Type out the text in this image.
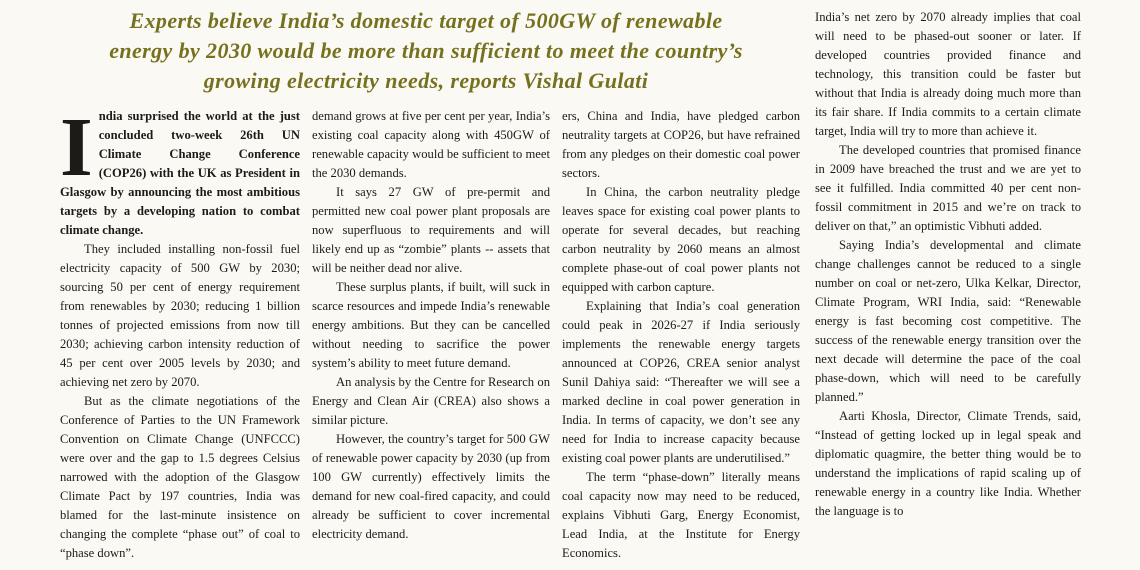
Experts believe India’s domestic target of 500GW of renewable
energy by 2030 would be more than sufficient to meet the country’s
growing electricity needs, reports Vishal Gulati
I ndia surprised the world at the just concluded two-week 26th UN Climate Change Conference (COP26) with the UK as President in Glasgow by announcing the most ambitious targets by a developing nation to combat climate change.

They included installing non-fossil fuel electricity capacity of 500 GW by 2030; sourcing 50 per cent of energy requirement from renewables by 2030; reducing 1 billion tonnes of projected emissions from now till 2030; achieving carbon intensity reduction of 45 per cent over 2005 levels by 2030; and achieving net zero by 2070.

But as the climate negotiations of the Conference of Parties to the UN Framework Convention on Climate Change (UNFCCC) were over and the gap to 1.5 degrees Celsius narrowed with the adoption of the Glasgow Climate Pact by 197 countries, India was blamed for the last-minute insistence on changing the complete “phase out” of coal to “phase down”.

demand grows at five per cent per year, India’s existing coal capacity along with 450GW of renewable capacity would be sufficient to meet the 2030 demands.

It says 27 GW of pre-permit and permitted new coal power plant proposals are now superfluous to requirements and will likely end up as “zombie” plants -- assets that will be neither dead nor alive.

These surplus plants, if built, will suck in scarce resources and impede India’s renewable energy ambitions. But they can be cancelled without needing to sacrifice the power system’s ability to meet future demand.

An analysis by the Centre for Research on Energy and Clean Air (CREA) also shows a similar picture.

However, the country’s target for 500 GW of renewable power capacity by 2030 (up from 100 GW currently) effectively limits the demand for new coal-fired capacity, and could already be sufficient to cover incremental electricity demand.

ers, China and India, have pledged carbon neutrality targets at COP26, but have refrained from any pledges on their domestic coal power sectors.

In China, the carbon neutrality pledge leaves space for existing coal power plants to operate for several decades, but reaching carbon neutrality by 2060 means an almost complete phase-out of coal power plants not equipped with carbon capture.

Explaining that India’s coal generation could peak in 2026-27 if India seriously implements the renewable energy targets announced at COP26, CREA senior analyst Sunil Dahiya said: “Thereafter we will see a marked decline in coal power generation in India. In terms of capacity, we don’t see any need for India to increase capacity because existing coal power plants are underutilised.”

The term “phase-down” literally means coal capacity now may need to be reduced, explains Vibhuti Garg, Energy Economist, Lead India, at the Institute for Energy Economics.

India’s net zero by 2070 already implies that coal will need to be phased-out sooner or later. If developed countries provided finance and technology, this transition could be faster but without that India is already doing much more than its fair share. If India commits to a certain climate target, India will try to more than achieve it.

The developed countries that promised finance in 2009 have breached the trust and we are yet to see it fulfilled. India committed 40 per cent non-fossil commitment in 2015 and we’re on track to deliver on that,” an optimistic Vibhuti added.

Saying India’s developmental and climate change challenges cannot be reduced to a single number on coal or net-zero, Ulka Kelkar, Director, Climate Program, WRI India, said: “Renewable energy is fast becoming cost competitive. The success of the renewable energy transition over the next decade will determine the pace of the coal phase-down, which will need to be carefully planned.”

Aarti Khosla, Director, Climate Trends, said, “Instead of getting locked up in legal speak and diplomatic quagmire, the better thing would be to understand the implications of rapid scaling up of renewable energy in a country like India. Whether the language is to
